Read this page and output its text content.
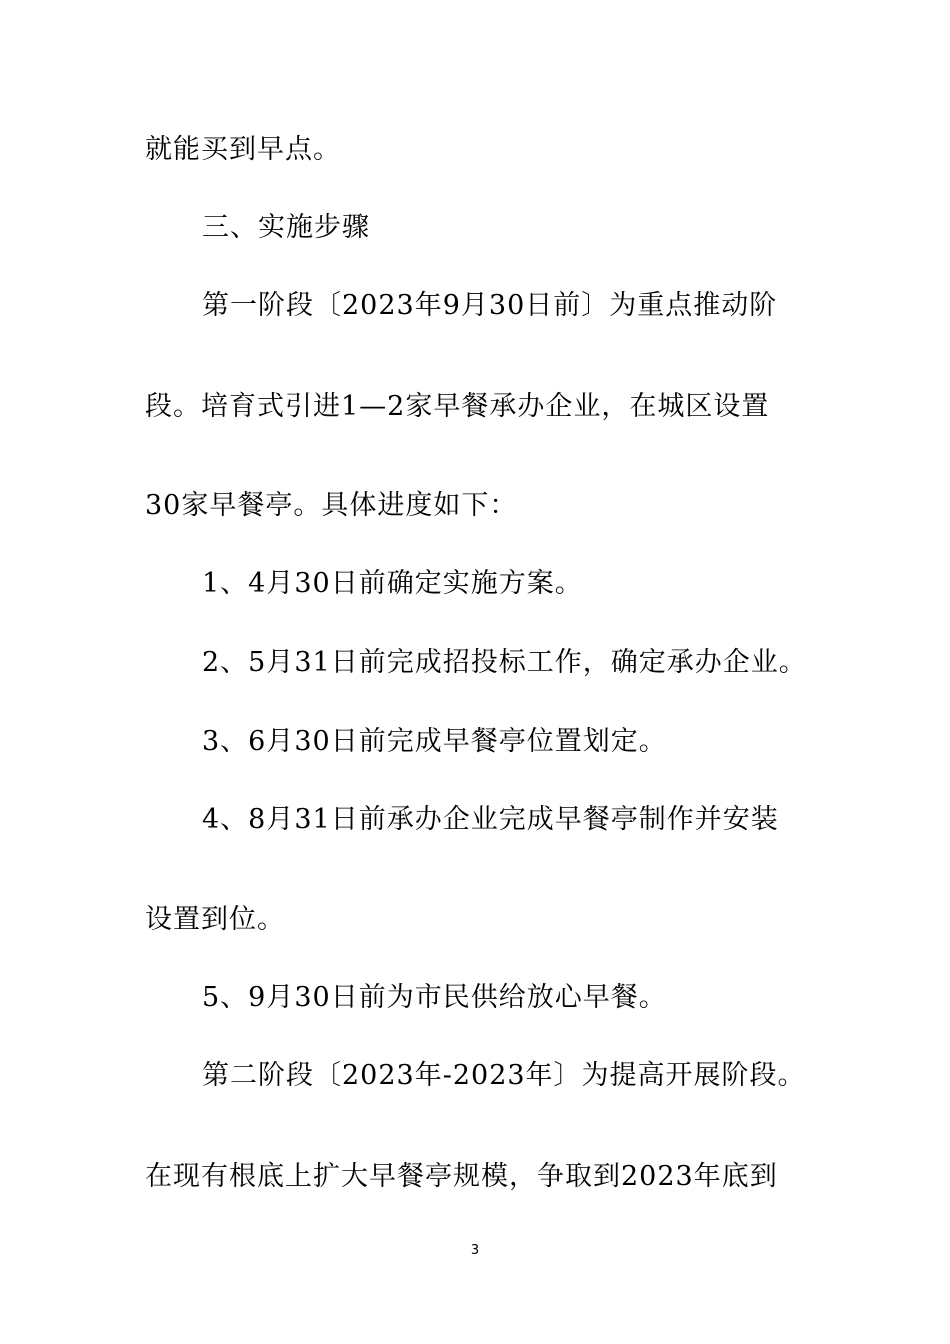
就能买到早点。
三、实施步骤
第一阶段〔2023年9月30日前〕为重点推动阶
段。培育式引进1—2家早餐承办企业，在城区设置
30家早餐亭。具体进度如下：
1、4月30日前确定实施方案。
2、5月31日前完成招投标工作，确定承办企业。
3、6月30日前完成早餐亭位置划定。
4、8月31日前承办企业完成早餐亭制作并安装
设置到位。
5、9月30日前为市民供给放心早餐。
第二阶段〔2023年-2023年〕为提高开展阶段。
在现有根底上扩大早餐亭规模，争取到2023年底到
3
